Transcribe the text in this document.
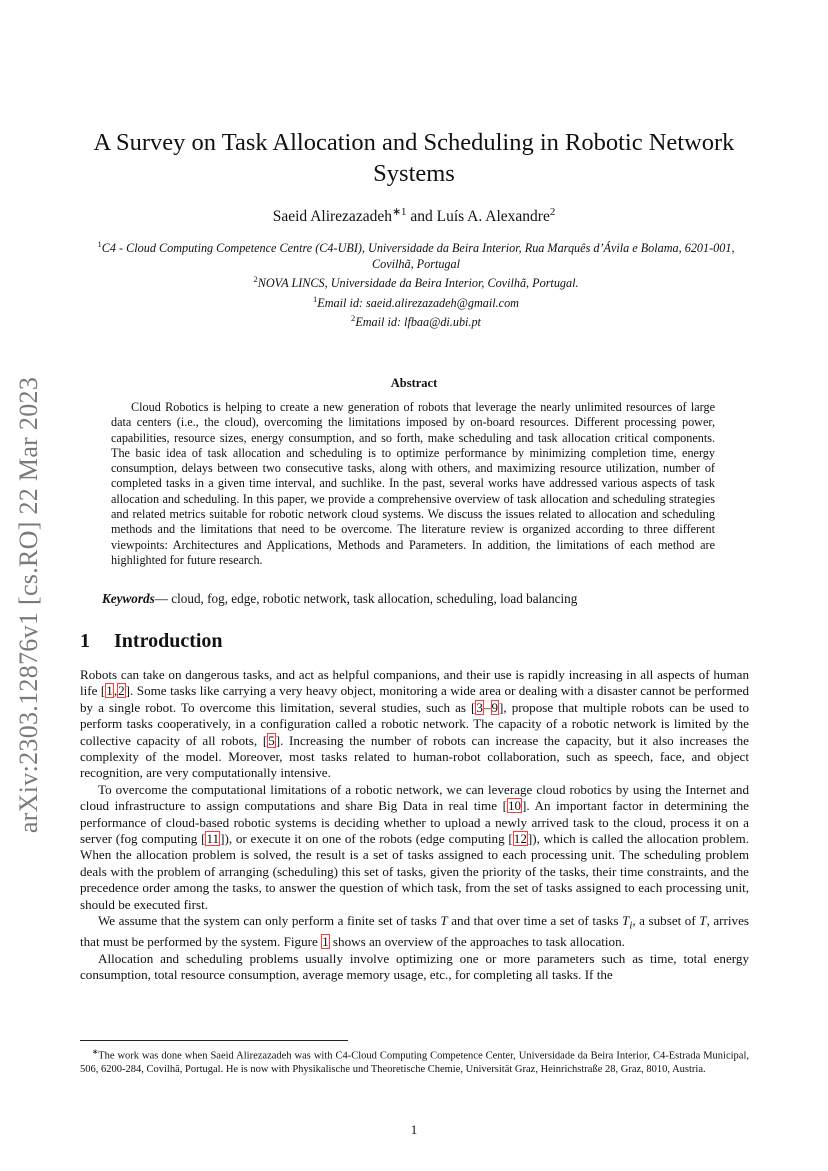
arXiv:2303.12876v1 [cs.RO] 22 Mar 2023
A Survey on Task Allocation and Scheduling in Robotic Network Systems
Saeid Alirezazadeh$^{∗1}$ and Luís A. Alexandre$^2$
$^1$C4 - Cloud Computing Competence Centre (C4-UBI), Universidade da Beira Interior, Rua Marquês d’Ávila e Bolama, 6201-001, Covilhã, Portugal
$^2$NOVA LINCS, Universidade da Beira Interior, Covilhã, Portugal.
$^1$Email id: saeid.alirezazadeh@gmail.com
$^2$Email id: lfbaa@di.ubi.pt
Abstract

Cloud Robotics is helping to create a new generation of robots that leverage the nearly unlimited resources of large data centers (i.e., the cloud), overcoming the limitations imposed by on-board resources. Different processing power, capabilities, resource sizes, energy consumption, and so forth, make scheduling and task allocation critical components. The basic idea of task allocation and scheduling is to optimize performance by minimizing completion time, energy consumption, delays between two consecutive tasks, along with others, and maximizing resource utilization, number of completed tasks in a given time interval, and suchlike. In the past, several works have addressed various aspects of task allocation and scheduling. In this paper, we provide a comprehensive overview of task allocation and scheduling strategies and related metrics suitable for robotic network cloud systems. We discuss the issues related to allocation and scheduling methods and the limitations that need to be overcome. The literature review is organized according to three different viewpoints: Architectures and Applications, Methods and Parameters. In addition, the limitations of each method are highlighted for future research.

Keywords— cloud, fog, edge, robotic network, task allocation, scheduling, load balancing
1 Introduction

Robots can take on dangerous tasks, and act as helpful companions, and their use is rapidly increasing in all aspects of human life [1,2]. Some tasks like carrying a very heavy object, monitoring a wide area or dealing with a disaster cannot be performed by a single robot. To overcome this limitation, several studies, such as [3–9], propose that multiple robots can be used to perform tasks cooperatively, in a configuration called a robotic network. The capacity of a robotic network is limited by the collective capacity of all robots, [5]. Increasing the number of robots can increase the capacity, but it also increases the complexity of the model. Moreover, most tasks related to human-robot collaboration, such as speech, face, and object recognition, are very computationally intensive.

To overcome the computational limitations of a robotic network, we can leverage cloud robotics by using the Internet and cloud infrastructure to assign computations and share Big Data in real time [10]. An important factor in determining the performance of cloud-based robotic systems is deciding whether to upload a newly arrived task to the cloud, process it on a server (fog computing [11]), or execute it on one of the robots (edge computing [12]), which is called the allocation problem. When the allocation problem is solved, the result is a set of tasks assigned to each processing unit. The scheduling problem deals with the problem of arranging (scheduling) this set of tasks, given the priority of the tasks, their time constraints, and the precedence order among the tasks, to answer the question of which task, from the set of tasks assigned to each processing unit, should be executed first.

We assume that the system can only perform a finite set of tasks T and that over time a set of tasks $T_i$, a subset of T, arrives that must be performed by the system. Figure 1 shows an overview of the approaches to task allocation.

Allocation and scheduling problems usually involve optimizing one or more parameters such as time, total energy consumption, total resource consumption, average memory usage, etc., for completing all tasks. If the

∗The work was done when Saeid Alirezazadeh was with C4-Cloud Computing Competence Center, Universidade da Beira Interior, C4-Estrada Municipal, 506, 6200-284, Covilhã, Portugal. He is now with Physikalische und Theoretische Chemie, Universität Graz, Heinrichstraße 28, Graz, 8010, Austria.
1
